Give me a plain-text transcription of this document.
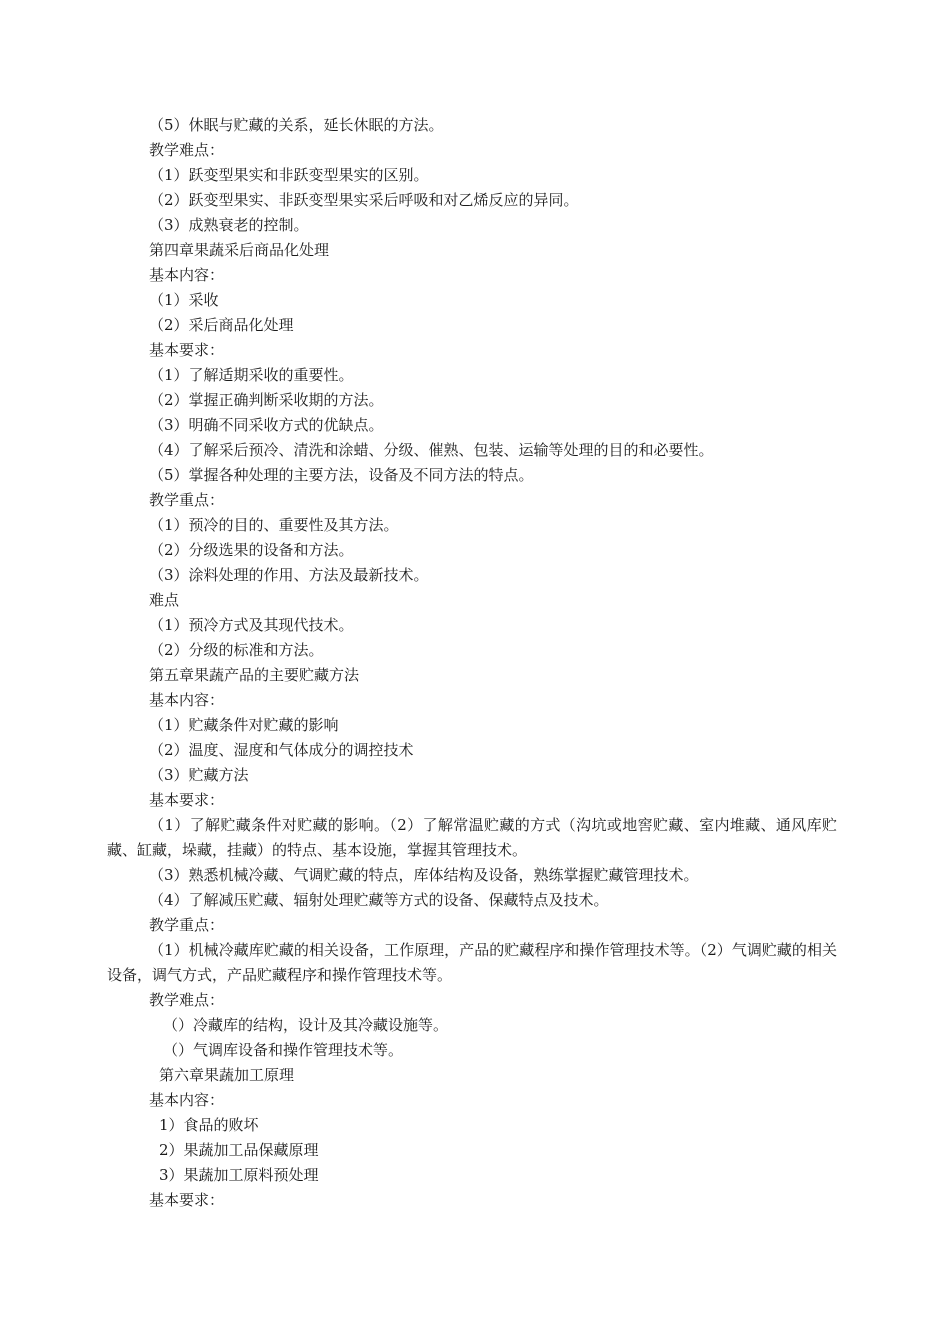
（5）休眠与贮藏的关系，延长休眠的方法。
教学难点：
（1）跃变型果实和非跃变型果实的区别。
（2）跃变型果实、非跃变型果实采后呼吸和对乙烯反应的异同。
（3）成熟衰老的控制。
第四章果蔬采后商品化处理
基本内容：
（1）采收
（2）采后商品化处理
基本要求：
（1）了解适期采收的重要性。
（2）掌握正确判断采收期的方法。
（3）明确不同采收方式的优缺点。
（4）了解采后预冷、清洗和涂蜡、分级、催熟、包装、运输等处理的目的和必要性。
（5）掌握各种处理的主要方法，设备及不同方法的特点。
教学重点：
（1）预冷的目的、重要性及其方法。
（2）分级选果的设备和方法。
（3）涂料处理的作用、方法及最新技术。
难点
（1）预冷方式及其现代技术。
（2）分级的标准和方法。
第五章果蔬产品的主要贮藏方法
基本内容：
（1）贮藏条件对贮藏的影响
（2）温度、湿度和气体成分的调控技术
（3）贮藏方法
基本要求：
（1）了解贮藏条件对贮藏的影响。（2）了解常温贮藏的方式（沟坑或地窖贮藏、室内堆藏、通风库贮藏、缸藏，垛藏，挂藏）的特点、基本设施，掌握其管理技术。
（3）熟悉机械冷藏、气调贮藏的特点，库体结构及设备，熟练掌握贮藏管理技术。
（4）了解减压贮藏、辐射处理贮藏等方式的设备、保藏特点及技术。
教学重点：
（1）机械冷藏库贮藏的相关设备，工作原理，产品的贮藏程序和操作管理技术等。（2）气调贮藏的相关设备，调气方式，产品贮藏程序和操作管理技术等。
教学难点：
（）冷藏库的结构，设计及其冷藏设施等。
（）气调库设备和操作管理技术等。
第六章果蔬加工原理
基本内容：
1）食品的败坏
2）果蔬加工品保藏原理
3）果蔬加工原料预处理
基本要求：
